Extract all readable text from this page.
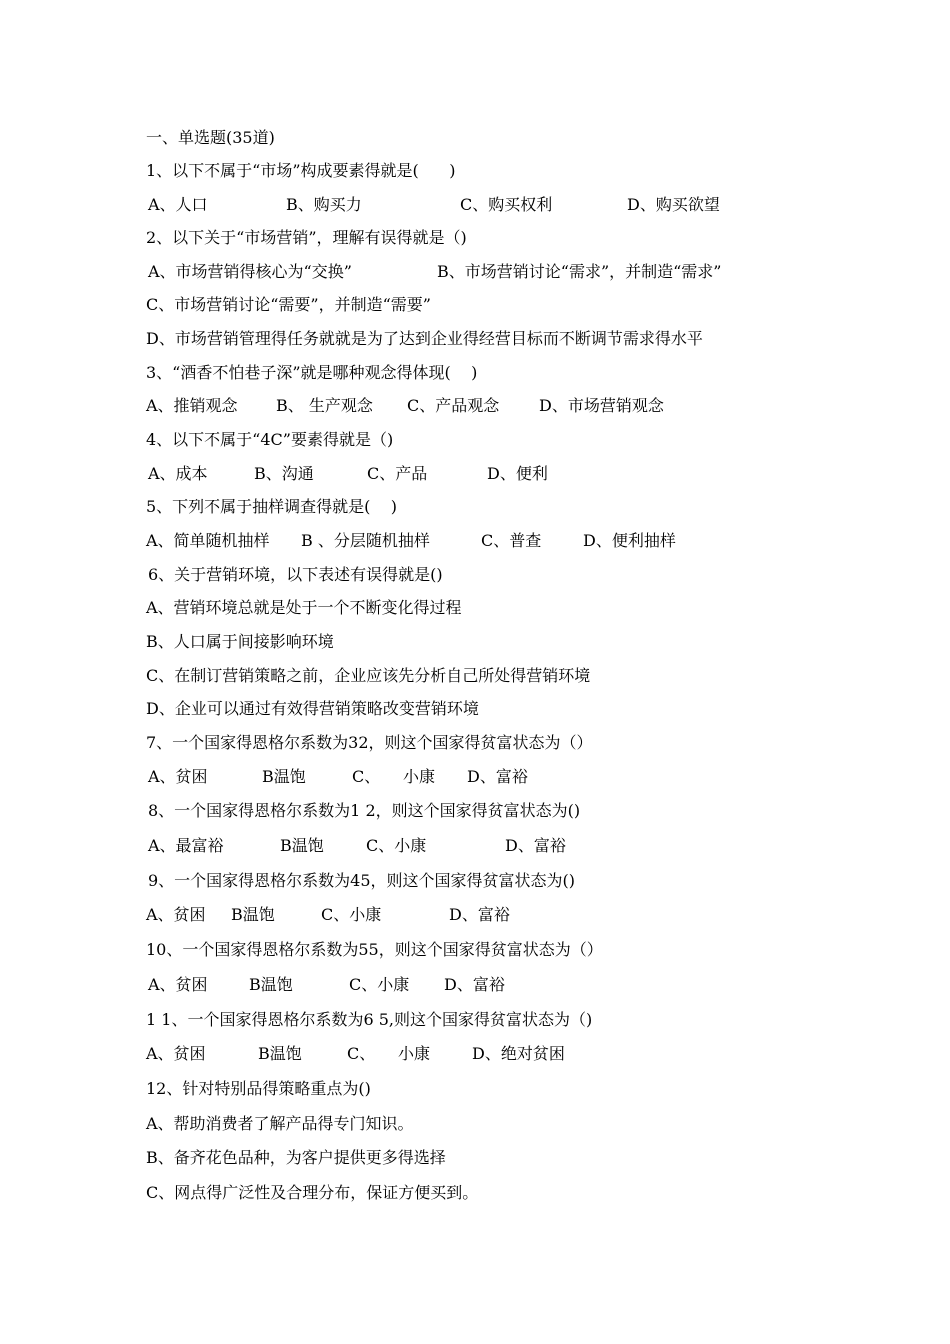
一、单选题(35道)
1、以下不属于“市场”构成要素得就是(      )
A、人口	B、购买力	C、购买权利	D、购买欲望
2、以下关于“市场营销”，理解有误得就是（)
A、市场营销得核心为“交换”	B、市场营销讨论“需求”，并制造“需求”
C、市场营销讨论“需要”，并制造“需要”
D、市场营销管理得任务就就是为了达到企业得经营目标而不断调节需求得水平
3、“酒香不怕巷子深”就是哪种观念得体现(    )
A、推销观念 B、 生产观念 C、产品观念 D、市场营销观念
4、以下不属于“4C”要素得就是（)
A、成本	B、沟通	C、产品	D、便利
5、下列不属于抽样调查得就是(    )
A、简单随机抽样 B 、分层随机抽样	C、普查	D、便利抽样
6、关于营销环境，以下表述有误得就是()
A、营销环境总就是处于一个不断变化得过程
B、人口属于间接影响环境
C、在制订营销策略之前，企业应该先分析自己所处得营销环境
D、企业可以通过有效得营销策略改变营销环境
7、一个国家得恩格尔系数为32，则这个国家得贫富状态为（）
A、贫困	B温饱	C、 小康 D、富裕
8、一个国家得恩格尔系数为1 2，则这个国家得贫富状态为()
A、最富裕	B温饱	C、小康	D、富裕
9、一个国家得恩格尔系数为45，则这个国家得贫富状态为()
A、贫困 B温饱	C、小康	D、富裕
10、一个国家得恩格尔系数为55，则这个国家得贫富状态为（）
A、贫困	B温饱	C、小康 D、富裕
1 1、一个国家得恩格尔系数为6 5,则这个国家得贫富状态为（)
A、贫困	B温饱	C、 小康	D、绝对贫困
12、针对特别品得策略重点为()
A、帮助消费者了解产品得专门知识。
B、备齐花色品种，为客户提供更多得选择
C、网点得广泛性及合理分布，保证方便买到。
